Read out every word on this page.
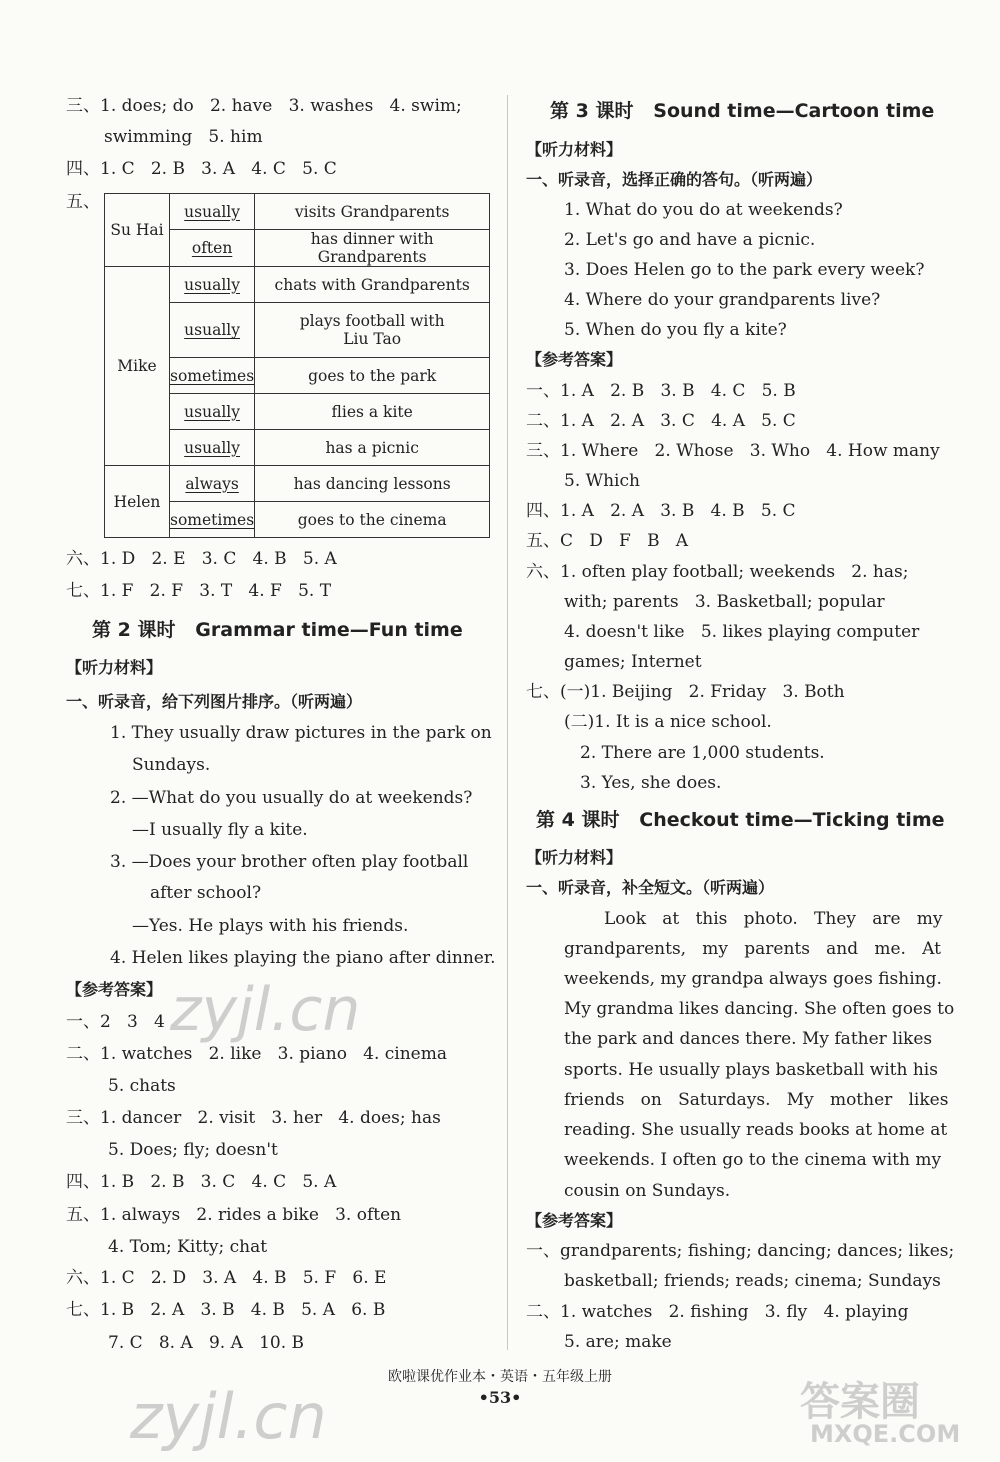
三、1. does; do   2. have   3. washes   4. swim;
swimming   5. him
四、1. C   2. B   3. A   4. C   5. C
五、
Su Hai	usually	visits Grandparents
	often	has dinner with Grandparents
Mike	usually	chats with Grandparents
	usually	plays football with
Liu Tao
	sometimes	goes to the park
	usually	flies a kite
	usually	has a picnic
Helen	always	has dancing lessons
	sometimes	goes to the cinema
六、1. D   2. E   3. C   4. B   5. A
七、1. F   2. F   3. T   4. F   5. T
第 2 课时   Grammar time—Fun time
【听力材料】
一、听录音，给下列图片排序。（听两遍）
1. They usually draw pictures in the park on
Sundays.
2. —What do you usually do at weekends?
—I usually fly a kite.
3. —Does your brother often play football
after school?
—Yes. He plays with his friends.
4. Helen likes playing the piano after dinner.
【参考答案】
一、2   3   4
二、1. watches   2. like   3. piano   4. cinema
5. chats
三、1. dancer   2. visit   3. her   4. does; has
5. Does; fly; doesn't
四、1. B   2. B   3. C   4. C   5. A
五、1. always   2. rides a bike   3. often
4. Tom; Kitty; chat
六、1. C   2. D   3. A   4. B   5. F   6. E
七、1. B   2. A   3. B   4. B   5. A   6. B
7. C   8. A   9. A   10. B
第 3 课时   Sound time—Cartoon time
【听力材料】
一、听录音，选择正确的答句。（听两遍）
1. What do you do at weekends?
2. Let's go and have a picnic.
3. Does Helen go to the park every week?
4. Where do your grandparents live?
5. When do you fly a kite?
【参考答案】
一、1. A   2. B   3. B   4. C   5. B
二、1. A   2. A   3. C   4. A   5. C
三、1. Where   2. Whose   3. Who   4. How many
5. Which
四、1. A   2. A   3. B   4. B   5. C
五、C   D   F   B   A
六、1. often play football; weekends   2. has;
with; parents   3. Basketball; popular
4. doesn't like   5. likes playing computer
games; Internet
七、(一)1. Beijing   2. Friday   3. Both
(二)1. It is a nice school.
2. There are 1,000 students.
3. Yes, she does.
第 4 课时   Checkout time—Ticking time
【听力材料】
一、听录音，补全短文。（听两遍）
Look   at   this   photo.   They   are   my
grandparents,   my   parents   and   me.   At
weekends, my grandpa always goes fishing.
My grandma likes dancing. She often goes to
the park and dances there. My father likes
sports. He usually plays basketball with his
friends   on   Saturdays.   My   mother   likes
reading. She usually reads books at home at
weekends. I often go to the cinema with my
cousin on Sundays.
【参考答案】
一、grandparents; fishing; dancing; dances; likes;
basketball; friends; reads; cinema; Sundays
二、1. watches   2. fishing   3. fly   4. playing
5. are; make
欧啦课优作业本・英语・五年级上册
•53•
zyjl.cn
zyjl.cn	答案圈
MXQE.COM
